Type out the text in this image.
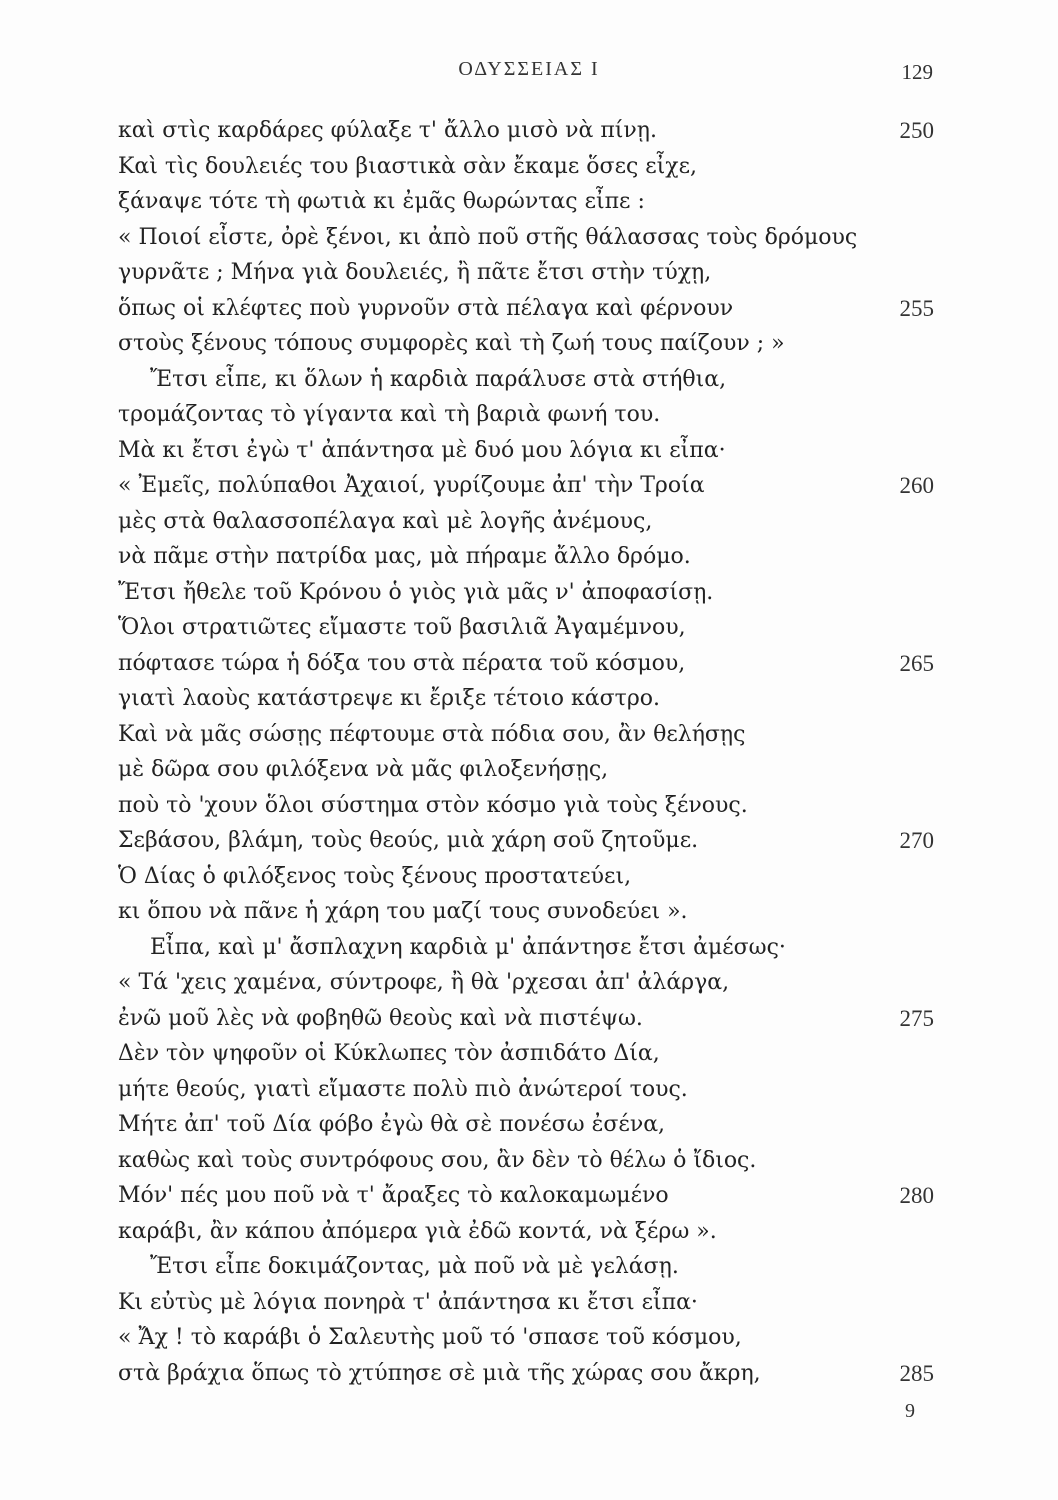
ΟΔΥΣΣΕΙΑΣ Ι	129
καὶ στὶς καρδάρες φύλαξε τ' ἄλλο μισὸ νὰ πίνῃ.	250
Καὶ τὶς δουλειές του βιαστικὰ σὰν ἔκαμε ὅσες εἶχε,
ξάναψε τότε τὴ φωτιὰ κι ἐμᾶς θωρώντας εἶπε :
« Ποιοί εἶστε, ὀρὲ ξένοι, κι ἀπὸ ποῦ στῆς θάλασσας τοὺς δρόμους
γυρνᾶτε ; Μήνα γιὰ δουλειές, ἢ πᾶτε ἔτσι στὴν τύχῃ,
ὅπως οἱ κλέφτες ποὺ γυρνοῦν στὰ πέλαγα καὶ φέρνουν	255
στοὺς ξένους τόπους συμφορὲς καὶ τὴ ζωή τους παίζουν ; »
Ἔτσι εἶπε, κι ὅλων ἡ καρδιὰ παράλυσε στὰ στήθια,
τρομάζοντας τὸ γίγαντα καὶ τὴ βαριὰ φωνή του.
Μὰ κι ἔτσι ἐγὼ τ' ἀπάντησα μὲ δυό μου λόγια κι εἶπα·
« Ἐμεῖς, πολύπαθοι Ἀχαιοί, γυρίζουμε ἀπ' τὴν Τροία	260
μὲς στὰ θαλασσοπέλαγα καὶ μὲ λογῆς ἀνέμους,
νὰ πᾶμε στὴν πατρίδα μας, μὰ πήραμε ἄλλο δρόμο.
Ἔτσι ἤθελε τοῦ Κρόνου ὁ γιὸς γιὰ μᾶς ν' ἀποφασίσῃ.
Ὅλοι στρατιῶτες εἴμαστε τοῦ βασιλιᾶ Ἀγαμέμνου,
πόφτασε τώρα ἡ δόξα του στὰ πέρατα τοῦ κόσμου,	265
γιατὶ λαοὺς κατάστρεψε κι ἔριξε τέτοιο κάστρο.
Καὶ νὰ μᾶς σώσῃς πέφτουμε στὰ πόδια σου, ἂν θελήσῃς
μὲ δῶρα σου φιλόξενα νὰ μᾶς φιλοξενήσῃς,
ποὺ τὸ 'χουν ὅλοι σύστημα στὸν κόσμο γιὰ τοὺς ξένους.
Σεβάσου, βλάμη, τοὺς θεούς, μιὰ χάρη σοῦ ζητοῦμε.	270
Ὁ Δίας ὁ φιλόξενος τοὺς ξένους προστατεύει,
κι ὅπου νὰ πᾶνε ἡ χάρη του μαζί τους συνοδεύει ».
Εἶπα, καὶ μ' ἄσπλαχνη καρδιὰ μ' ἀπάντησε ἔτσι ἀμέσως·
« Τά 'χεις χαμένα, σύντροφε, ἢ θὰ 'ρχεσαι ἀπ' ἀλάργα,
ἐνῶ μοῦ λὲς νὰ φοβηθῶ θεοὺς καὶ νὰ πιστέψω.	275
Δὲν τὸν ψηφοῦν οἱ Κύκλωπες τὸν ἀσπιδάτο Δία,
μήτε θεούς, γιατὶ εἴμαστε πολὺ πιὸ ἀνώτεροί τους.
Μήτε ἀπ' τοῦ Δία φόβο ἐγὼ θὰ σὲ πονέσω ἐσένα,
καθὼς καὶ τοὺς συντρόφους σου, ἂν δὲν τὸ θέλω ὁ ἴδιος.
Μόν' πές μου ποῦ νὰ τ' ἄραξες τὸ καλοκαμωμένο	280
καράβι, ἂν κάπου ἀπόμερα γιὰ ἐδῶ κοντά, νὰ ξέρω ».
Ἔτσι εἶπε δοκιμάζοντας, μὰ ποῦ νὰ μὲ γελάσῃ.
Κι εὐτὺς μὲ λόγια πονηρὰ τ' ἀπάντησα κι ἔτσι εἶπα·
« Ἄχ ! τὸ καράβι ὁ Σαλευτὴς μοῦ τό 'σπασε τοῦ κόσμου,
στὰ βράχια ὅπως τὸ χτύπησε σὲ μιὰ τῆς χώρας σου ἄκρη,	285
9
